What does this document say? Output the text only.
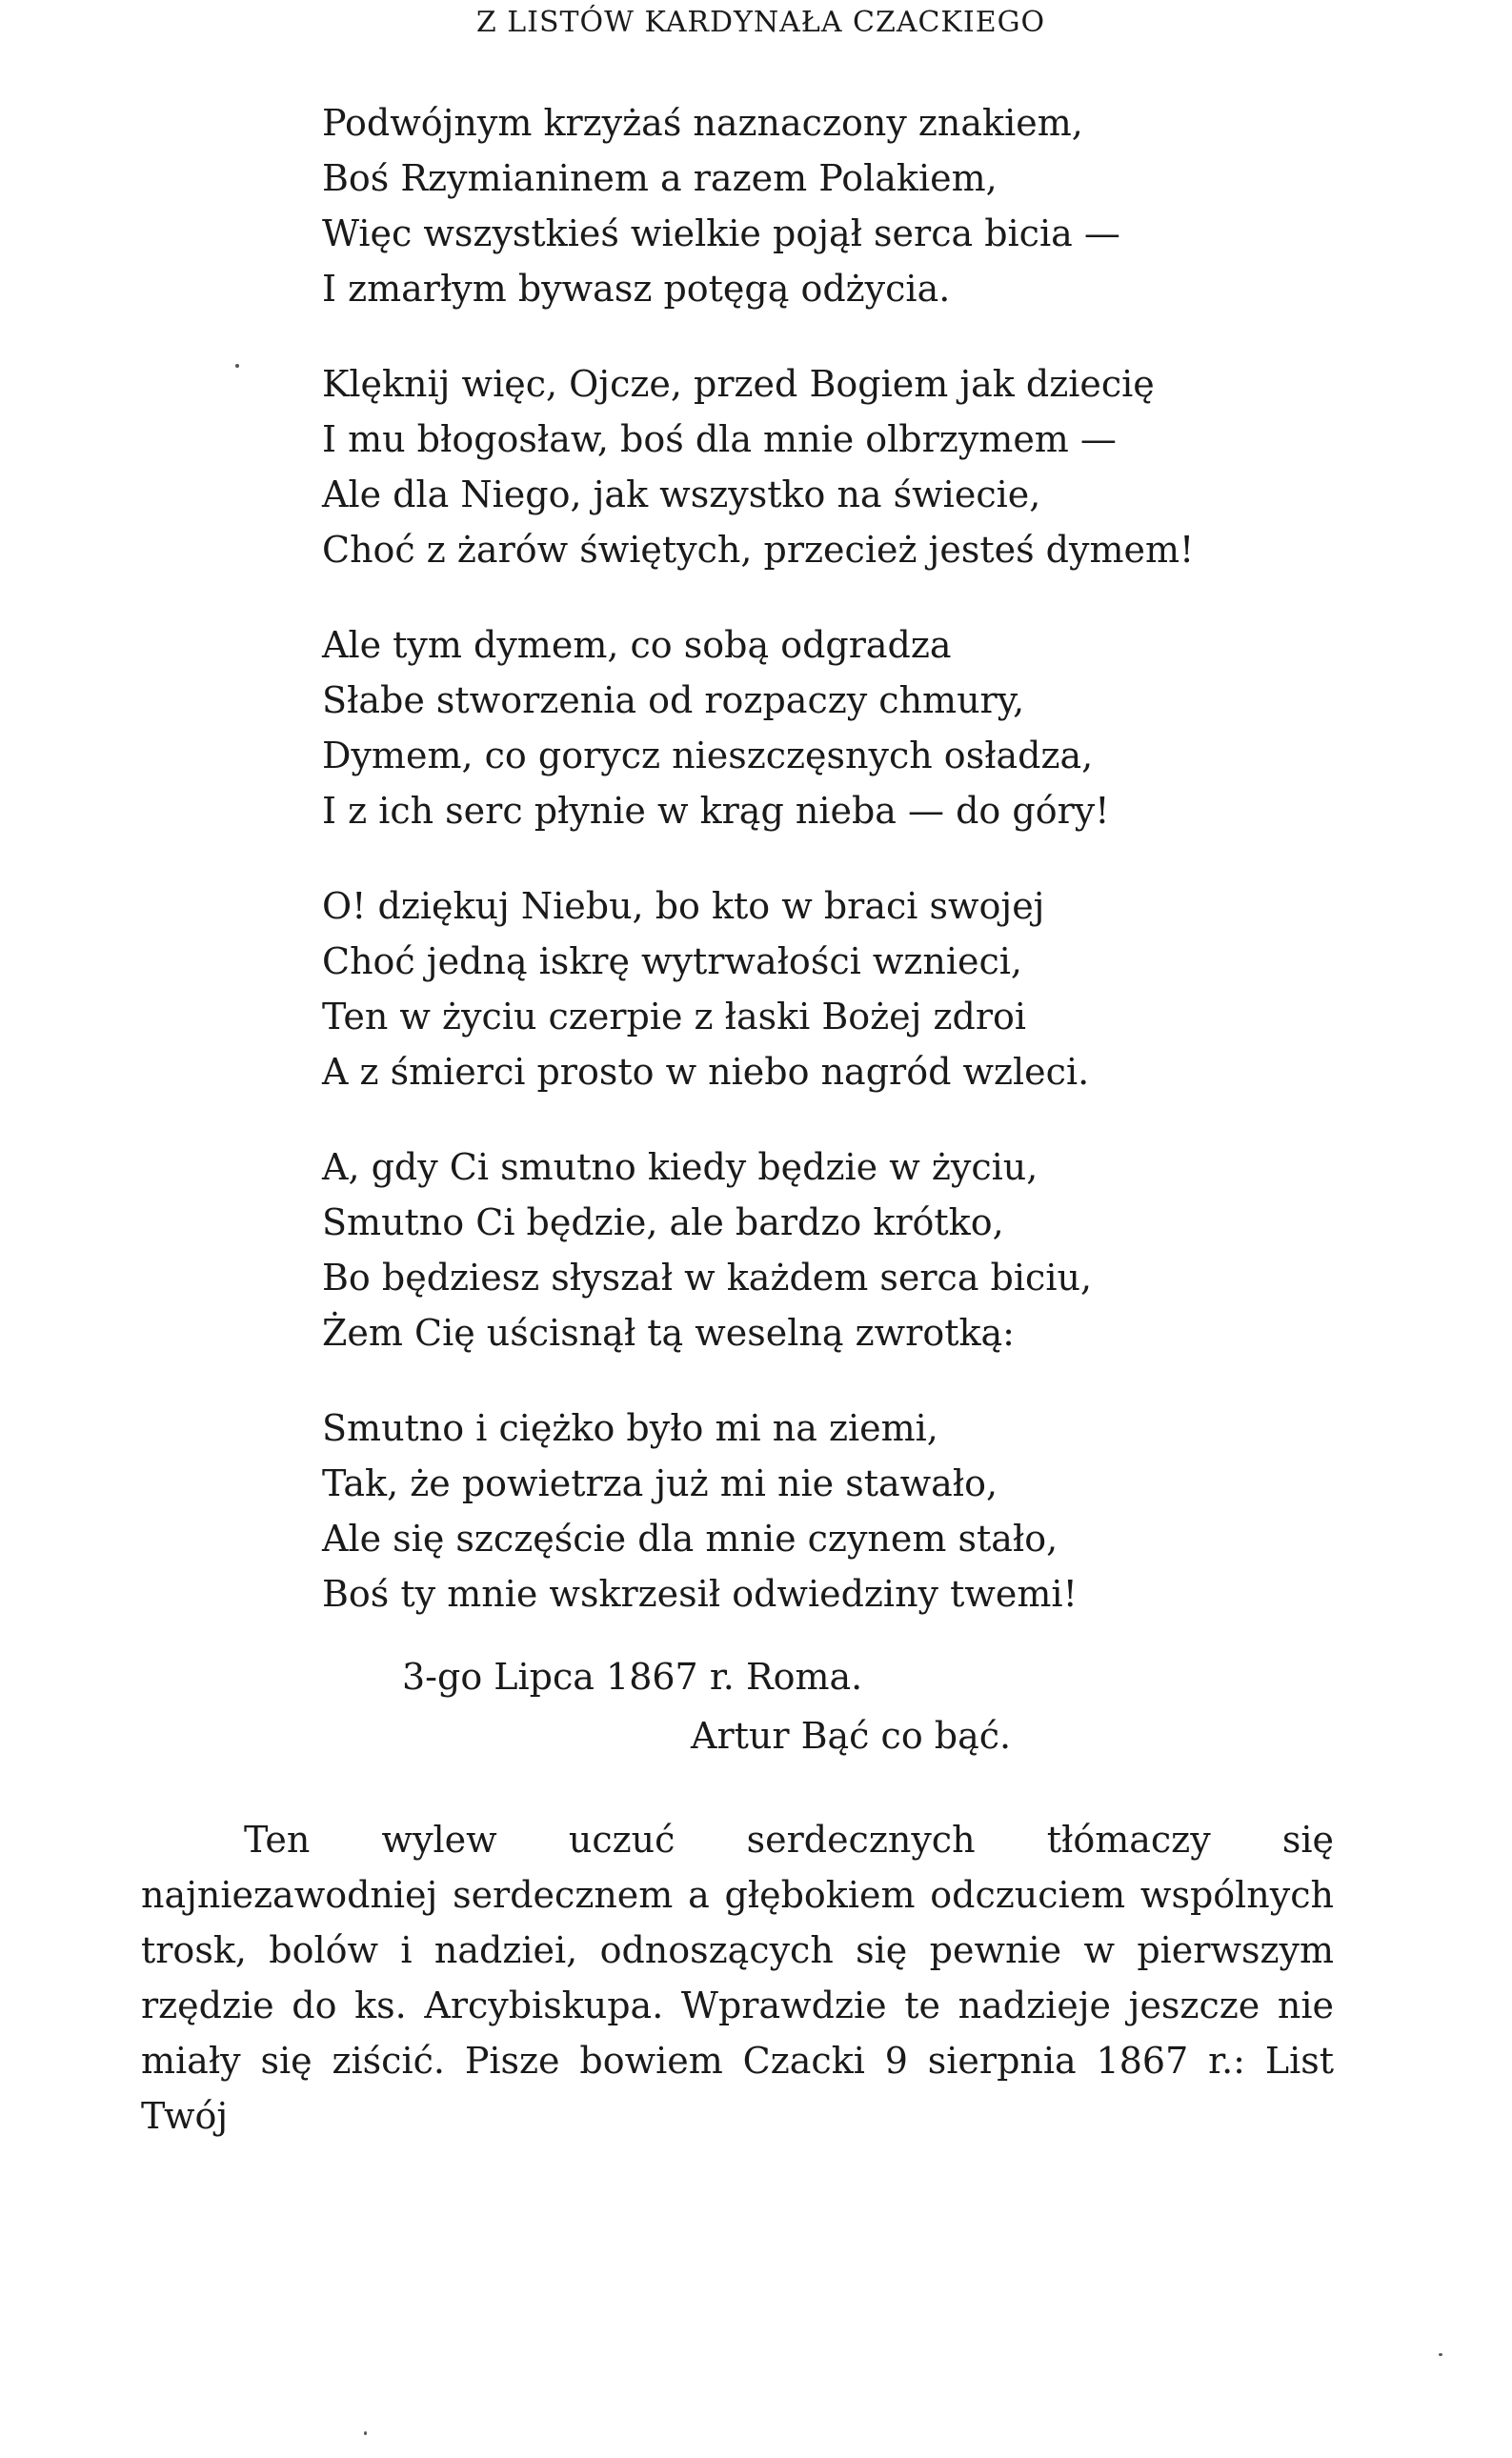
Z LISTÓW KARDYNAŁA CZACKIEGO
Podwójnym krzyżaś naznaczony znakiem,
Boś Rzymianinem a razem Polakiem,
Więc wszystkieś wielkie pojął serca bicia —
I zmarłym bywasz potęgą odżycia.
Klęknij więc, Ojcze, przed Bogiem jak dziecię
I mu błogosław, boś dla mnie olbrzymem —
Ale dla Niego, jak wszystko na świecie,
Choć z żarów świętych, przecież jesteś dymem!
Ale tym dymem, co sobą odgradza
Słabe stworzenia od rozpaczy chmury,
Dymem, co gorycz nieszczęsnych osładza,
I z ich serc płynie w krąg nieba — do góry!
O! dziękuj Niebu, bo kto w braci swojej
Choć jedną iskrę wytrwałości wznieci,
Ten w życiu czerpie z łaski Bożej zdroi
A z śmierci prosto w niebo nagród wzleci.
A, gdy Ci smutno kiedy będzie w życiu,
Smutno Ci będzie, ale bardzo krótko,
Bo będziesz słyszał w każdem serca biciu,
Żem Cię uścisnął tą weselną zwrotką:
Smutno i ciężko było mi na ziemi,
Tak, że powietrza już mi nie stawało,
Ale się szczęście dla mnie czynem stało,
Boś ty mnie wskrzesił odwiedziny twemi!
3-go Lipca 1867 r. Roma.
Artur Bąć co bąć.

Ten wylew uczuć serdecznych tłómaczy się najniezawodniej serdecznem a głębokiem odczuciem wspólnych trosk, bolów i nadziei, odnoszących się pewnie w pierwszym rzędzie do ks. Arcybiskupa. Wprawdzie te nadzieje jeszcze nie miały się ziścić. Pisze bowiem Czacki 9 sierpnia 1867 r.: List Twój
